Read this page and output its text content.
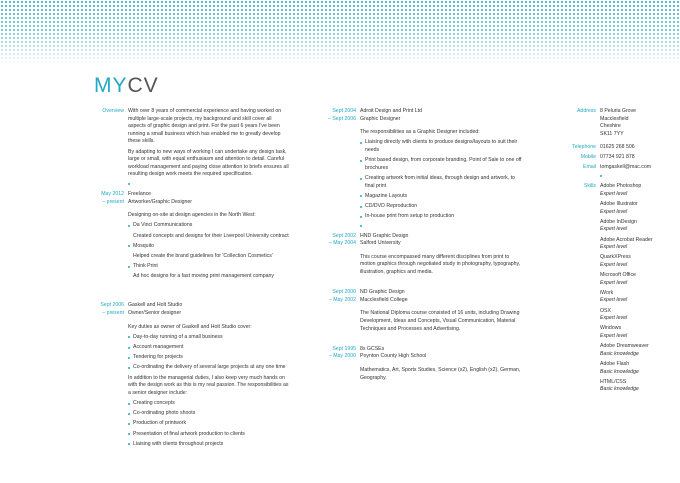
MYCV
Overview With over 8 years of commercial experience and having worked on multiple large-scale projects, my background and skill cover all aspects of graphic design and print. For the past 6 years I've been running a small business which has enabled me to greatly develop these skills.

By adapting to new ways of working I can undertake any design task, large or small, with equal enthusiasm and attention to detail. Careful workload management and paying close attention to briefs ensures all resulting design work meets the required specification.

May 2012
– present
Freelance
Artworker/Graphic Designer

Designing on-site at design agencies in the North West:

Da Vinci Communications
Created concepts and designs for their Liverpool University contract
Mosquito
Helped create the brand guidelines for 'Collection Cosmetics'
Think Print
Ad hoc designs for a fast moving print management company
Sept 2006
– present
Gaskell and Holt Studio
Owner/Senior designer

Key duties as owner of Gaskell and Holt Studio cover:

Day-to-day running of a small business
Account management
Tendering for projects
Co-ordinating the delivery of several large projects at any one time

In addition to the managerial duties, I also keep very much hands on with the design work as this is my real passion. The responsibilities as a senior designer include:

Creating concepts
Co-ordinating photo shoots
Production of printwork
Presentation of final artwork production to clients
Liaising with clients throughout projects
Sept 2004
– Sept 2006
Adroit Design and Print Ltd
Graphic Designer

The responsibilities as a Graphic Designer included:

Liaising directly with clients to produce designs/layouts to suit their needs
Print based design, from corporate branding, Point of Sale to one off brochures
Creating artwork from initial ideas, through design and artwork, to final print
Magazine Layouts
CD/DVD Reproduction
In-house print from setup to production
Sept 2002
– May 2004
HND Graphic Design
Salford University

This course encompassed many different disciplines from print to motion graphics through negotiated study in photography, typography, illustration, graphics and media.

Sept 2000
– May 2002
ND Graphic Design
Macclesfield College

The National Diploma course consisted of 16 units, including Drawing Development, Ideas and Concepts, Visual Communication, Material Techniques and Processes and Advertising.

Sept 1995
– May 2000
8x GCSEs
Poynton County High School

Mathematics, Art, Sports Studies, Science (x2), English (x2), German, Geography.

Address 8 Peluria Grove
Macclesfield
Cheshire
SK11 7YY
Telephone 01625 268 506
Mobile 07734 921 878
Email tomgaskell@mac.com
Skills Adobe Photoshop
Expert level
Adobe Illustrator
Expert level
Adobe InDesign
Expert level
Adobe Acrobat Reader
Expert level
QuarkXPress
Expert level
Microsoft Office
Expert level
iWork
Expert level
OSX
Expert level
Windows
Expert level
Adobe Dreamweaver
Basic knowledge
Adobe Flash
Basic knowledge
HTML/CSS
Basic knowledge
